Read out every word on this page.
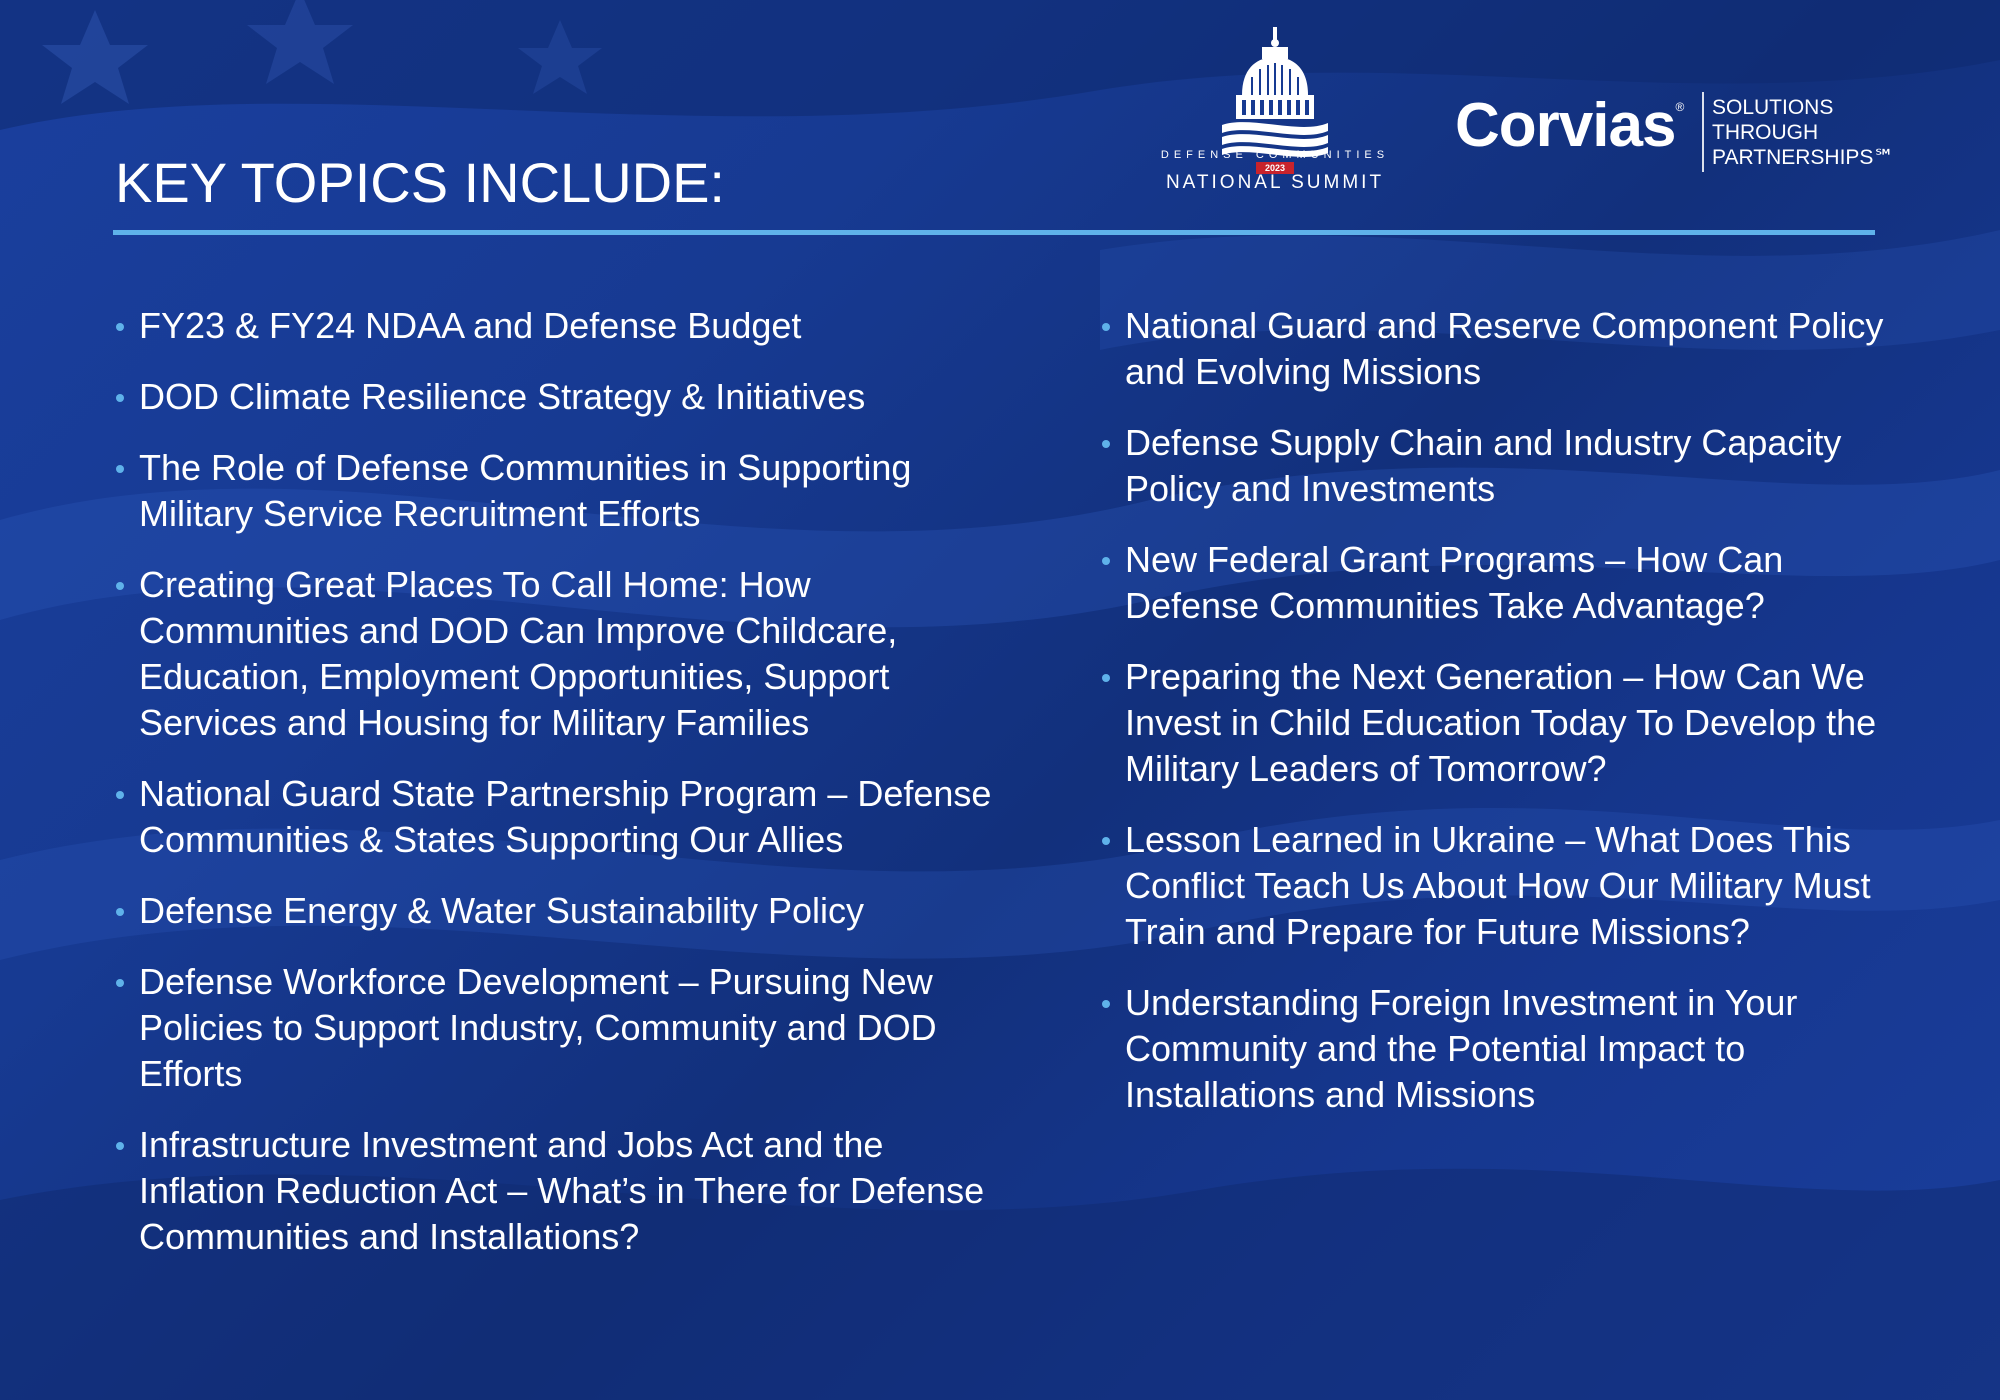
DEFENSE COMMUNITIES
2023
NATIONAL SUMMIT
Corvias® SOLUTIONS
THROUGH
PARTNERSHIPS℠
KEY TOPICS INCLUDE:
FY23 & FY24 NDAA and Defense Budget
DOD Climate Resilience Strategy & Initiatives
The Role of Defense Communities in Supporting Military Service Recruitment Efforts
Creating Great Places To Call Home: How Communities and DOD Can Improve Childcare, Education, Employment Opportunities, Support Services and Housing for Military Families
National Guard State Partnership Program – Defense Communities & States Supporting Our Allies
Defense Energy & Water Sustainability Policy
Defense Workforce Development – Pursuing New Policies to Support Industry, Community and DOD Efforts
Infrastructure Investment and Jobs Act and the Inflation Reduction Act – What’s in There for Defense Communities and Installations?
National Guard and Reserve Component Policy and Evolving Missions
Defense Supply Chain and Industry Capacity Policy and Investments
New Federal Grant Programs – How Can Defense Communities Take Advantage?
Preparing the Next Generation – How Can We Invest in Child Education Today To Develop the Military Leaders of Tomorrow?
Lesson Learned in Ukraine – What Does This Conflict Teach Us About How Our Military Must Train and Prepare for Future Missions?
Understanding Foreign Investment in Your Community and the Potential Impact to Installations and Missions
